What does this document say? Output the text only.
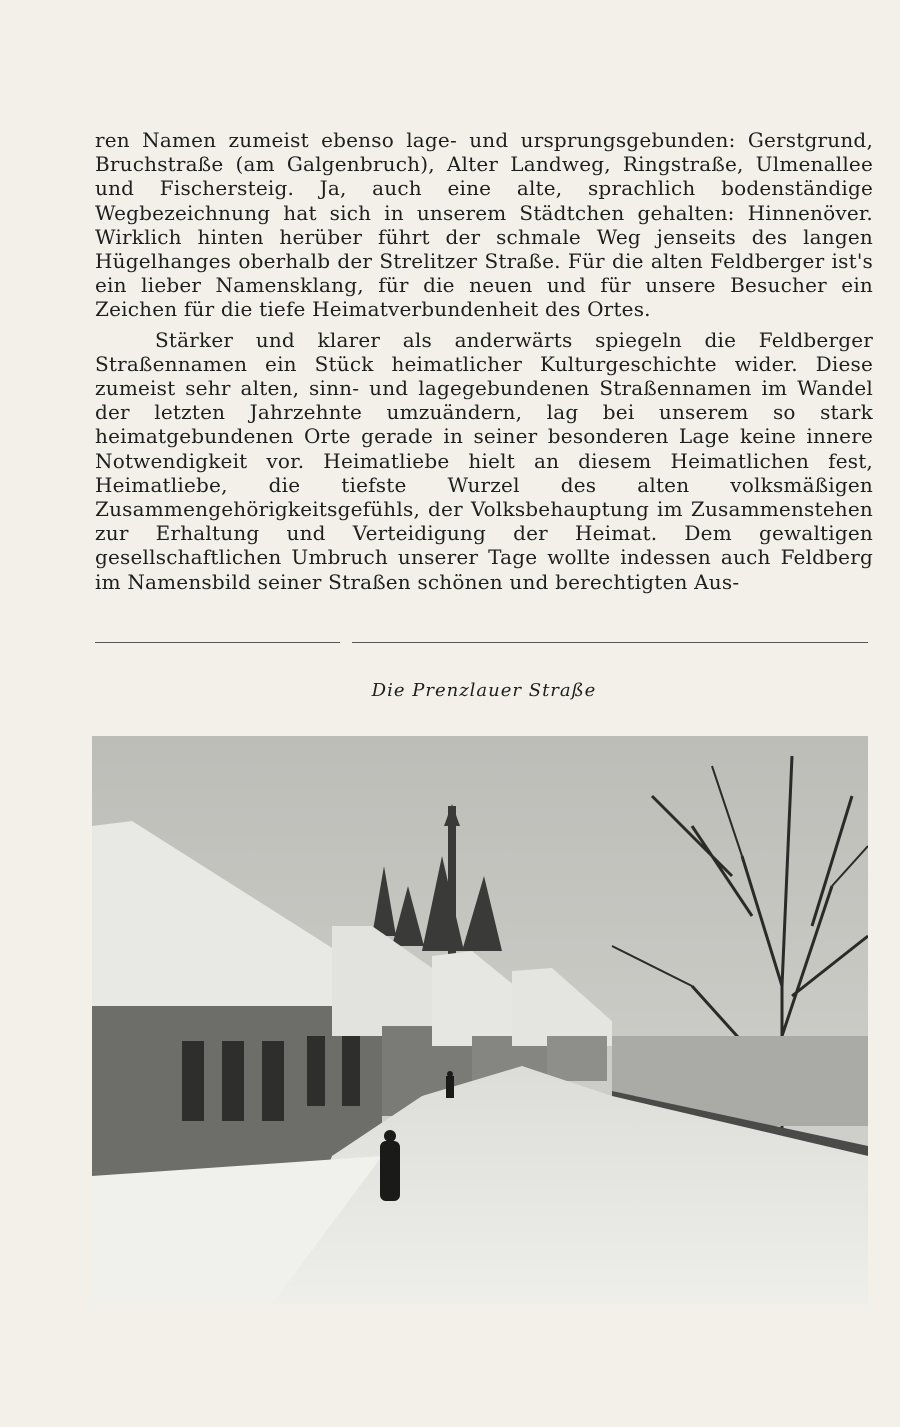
ren Namen zumeist ebenso lage- und ursprungsgebunden: Gerstgrund, Bruchstraße (am Galgenbruch), Alter Landweg, Ringstraße, Ulmenallee und Fischersteig. Ja, auch eine alte, sprachlich bodenständige Wegbezeichnung hat sich in unserem Städtchen gehalten: Hinnenöver. Wirklich hinten herüber führt der schmale Weg jenseits des langen Hügelhanges oberhalb der Strelitzer Straße. Für die alten Feldberger ist's ein lieber Namensklang, für die neuen und für unsere Besucher ein Zeichen für die tiefe Heimatverbundenheit des Ortes.

Stärker und klarer als anderwärts spiegeln die Feldberger Straßennamen ein Stück heimatlicher Kulturgeschichte wider. Diese zumeist sehr alten, sinn- und lagegebundenen Straßennamen im Wandel der letzten Jahrzehnte umzuändern, lag bei unserem so stark heimatgebundenen Orte gerade in seiner besonderen Lage keine innere Notwendigkeit vor. Heimatliebe hielt an diesem Heimatlichen fest, Heimatliebe, die tiefste Wurzel des alten volksmäßigen Zusammengehörigkeitsgefühls, der Volksbehauptung im Zusammenstehen zur Erhaltung und Verteidigung der Heimat. Dem gewaltigen gesellschaftlichen Umbruch unserer Tage wollte indessen auch Feldberg im Namensbild seiner Straßen schönen und berechtigten Aus-

Die Prenzlauer Straße
